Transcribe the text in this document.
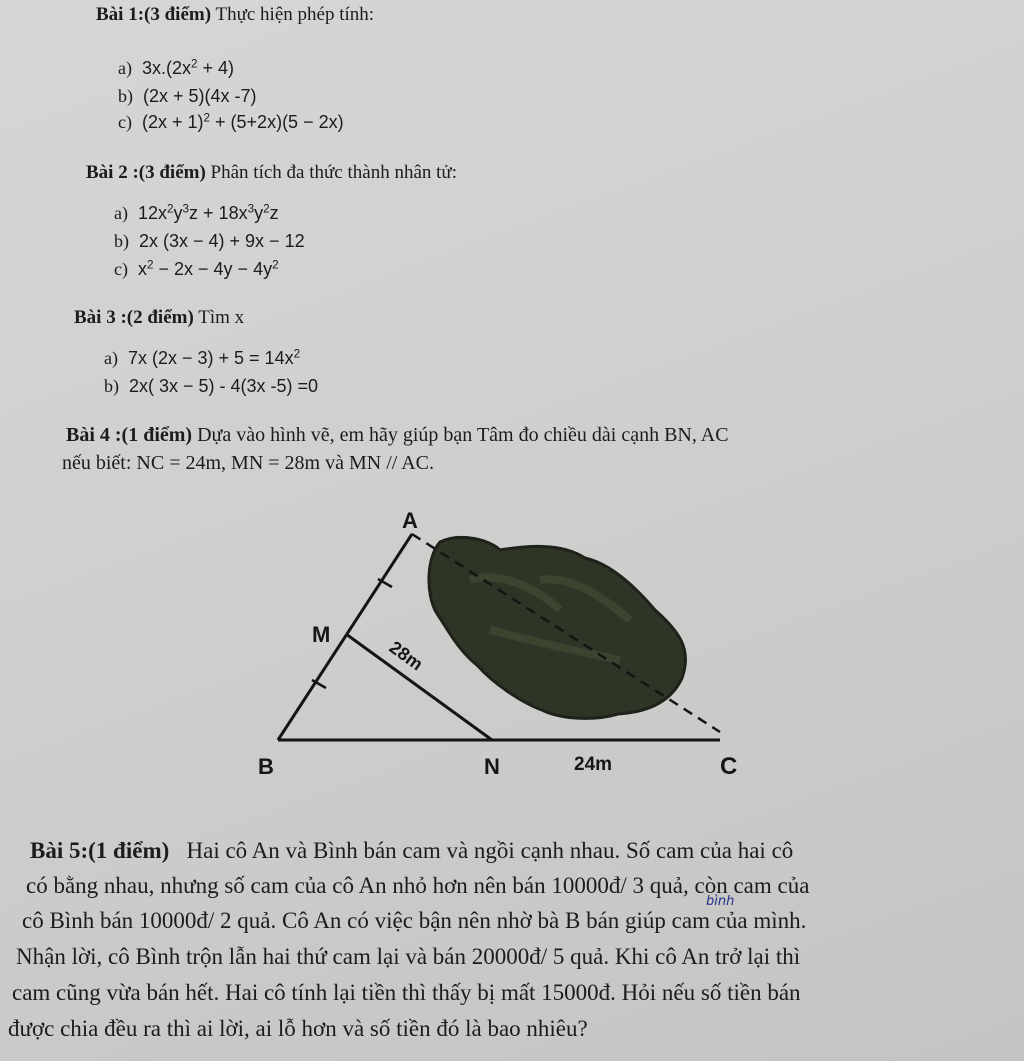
Bài 1:(3 điểm) Thực hiện phép tính:
a) $3x.(2x^2 + 4)$
b) (2x + 5)(4x -7)
c) $(2x + 1)^2 + (5+2x)(5 - 2x)$
Bài 2 :(3 điểm) Phân tích đa thức thành nhân tử:
a) $12x^2y^3z + 18x^3y^2z$
b) 2x (3x − 4) + 9x − 12
c) $x^2 - 2x - 4y - 4y^2$
Bài 3 :(2 điểm) Tìm x
a) 7x $(2x - 3) + 5 = 14x^2$
b) 2x( 3x − 5) - 4(3x -5) =0
Bài 4 :(1 điểm) Dựa vào hình vẽ, em hãy giúp bạn Tâm đo chiều dài cạnh BN, AC
nếu biết: NC = 24m, MN = 28m và MN // AC.
A
M
B	N	C
28m
24m
Bài 5:(1 điểm) Hai cô An và Bình bán cam và ngồi cạnh nhau. Số cam của hai cô
có bằng nhau, nhưng số cam của cô An nhỏ hơn nên bán 10000đ/ 3 quả, còn cam của
cô Bình bán 10000đ/ 2 quả. Cô An có việc bận nên nhờ bà B bán giúp cam của mình.
bình
Nhận lời, cô Bình trộn lẫn hai thứ cam lại và bán 20000đ/ 5 quả. Khi cô An trở lại thì
cam cũng vừa bán hết. Hai cô tính lại tiền thì thấy bị mất 15000đ. Hỏi nếu số tiền bán
được chia đều ra thì ai lời, ai lỗ hơn và số tiền đó là bao nhiêu?
